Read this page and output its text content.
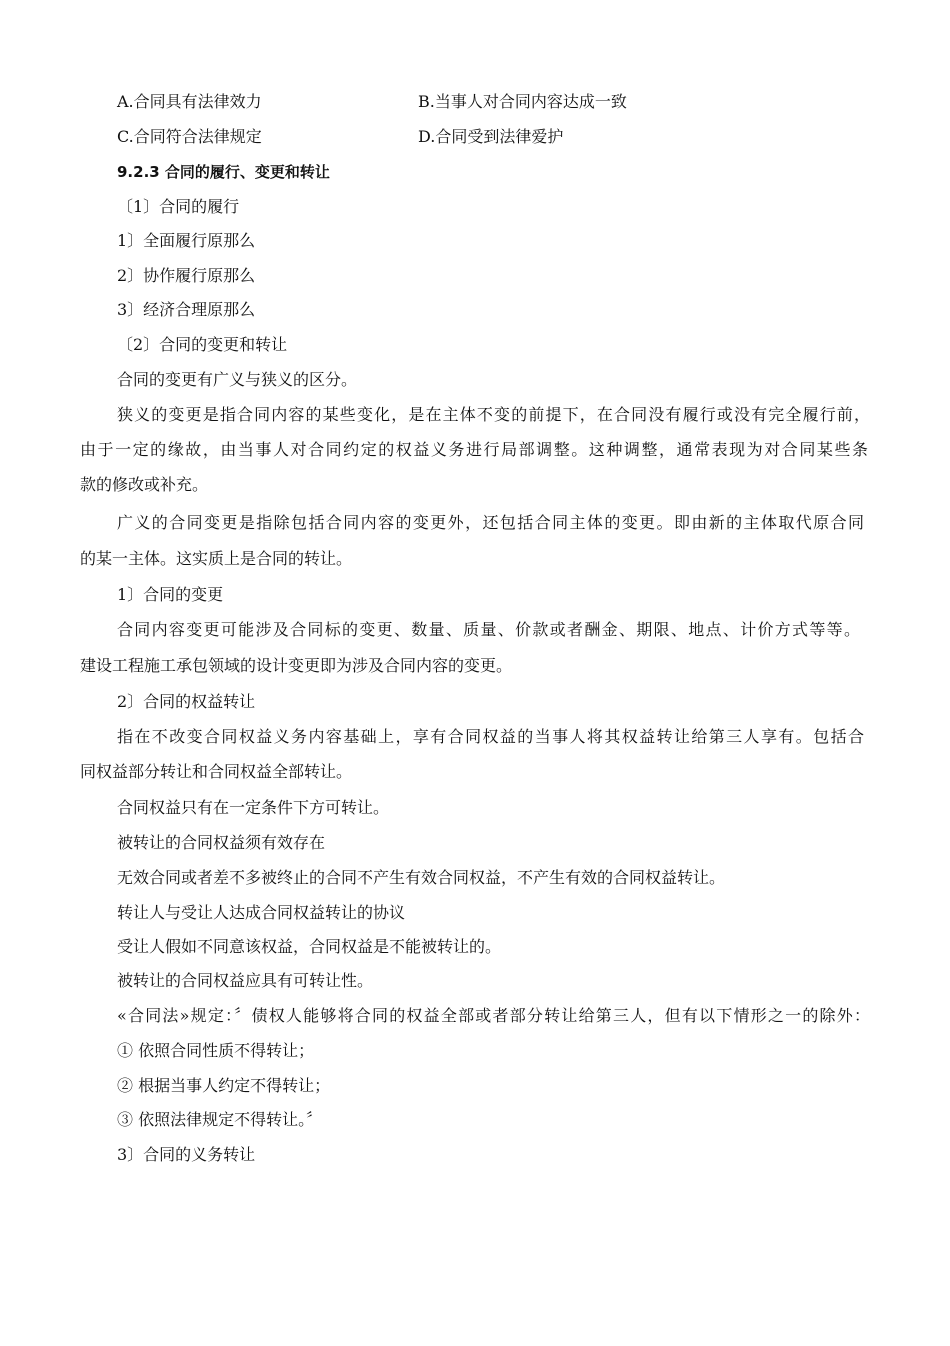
A.合同具有法律效力	B.当事人对合同内容达成一致
C.合同符合法律规定	D.合同受到法律爱护
9.2.3 合同的履行、变更和转让
〔1〕合同的履行
1〕全面履行原那么
2〕协作履行原那么
3〕经济合理原那么
〔2〕合同的变更和转让
合同的变更有广义与狭义的区分。
狭义的变更是指合同内容的某些变化，是在主体不变的前提下，在合同没有履行或没有完全履行前，
由于一定的缘故，由当事人对合同约定的权益义务进行局部调整。这种调整，通常表现为对合同某些条
款的修改或补充。
广义的合同变更是指除包括合同内容的变更外，还包括合同主体的变更。即由新的主体取代原合同
的某一主体。这实质上是合同的转让。
1〕合同的变更
合同内容变更可能涉及合同标的变更、数量、质量、价款或者酬金、期限、地点、计价方式等等。
建设工程施工承包领域的设计变更即为涉及合同内容的变更。
2〕合同的权益转让
指在不改变合同权益义务内容基础上，享有合同权益的当事人将其权益转让给第三人享有。包括合
同权益部分转让和合同权益全部转让。
合同权益只有在一定条件下方可转让。
被转让的合同权益须有效存在
无效合同或者差不多被终止的合同不产生有效合同权益，不产生有效的合同权益转让。
转让人与受让人达成合同权益转让的协议
受让人假如不同意该权益，合同权益是不能被转让的。
被转让的合同权益应具有可转让性。
«合同法»规定：〞债权人能够将合同的权益全部或者部分转让给第三人，但有以下情形之一的除外：
① 依照合同性质不得转让；
② 根据当事人约定不得转让；
③ 依照法律规定不得转让。〞
3〕合同的义务转让
